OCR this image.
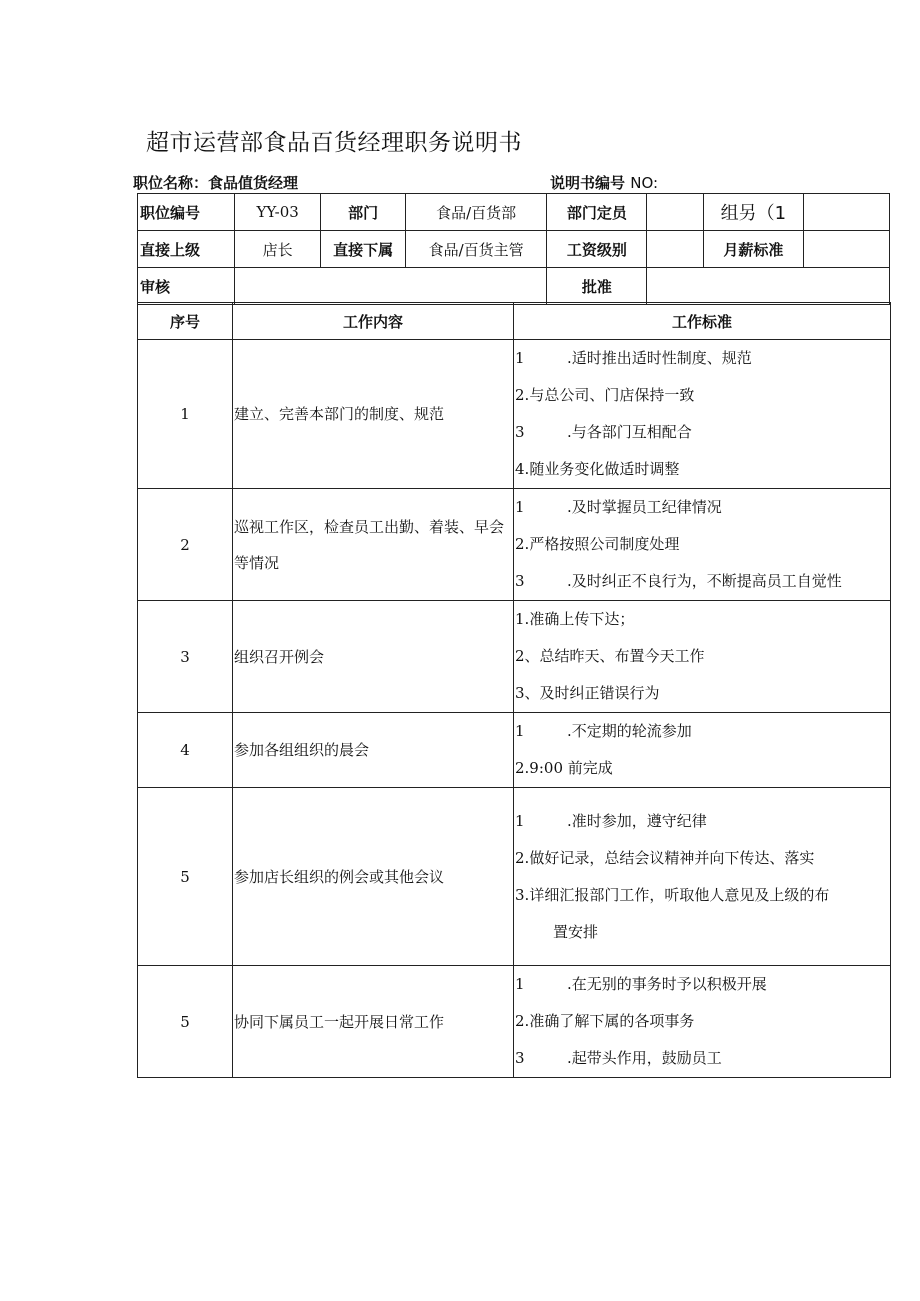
超市运营部食品百货经理职务说明书
职位名称：食品值货经理	说明书编号 NO:
职位编号	YY-03	部门	食品/百货部	部门定员		组另（1	
直接上级	店长	直接下属	食品/百货主管	工资级别		月薪标准	
审核				批准			
序号	工作内容	工作标准
1	建立、完善本部门的制度、规范	1 .适时推出适时性制度、规范
2.与总公司、门店保持一致
3 .与各部门互相配合
4.随业务变化做适时调整

2	巡视工作区，检查员工出勤、着装、早会等情况	1 .及时掌握员工纪律情况
2.严格按照公司制度处理
3 .及时纠正不良行为，不断提高员工自觉性

3	组织召开例会	1.准确上传下达；
2、总结昨天、布置今天工作
3、及时纠正错误行为

4	参加各组组织的晨会	1 .不定期的轮流参加
2.9:00 前完成

5	参加店长组织的例会或其他会议	1 .准时参加，遵守纪律
2.做好记录，总结会议精神并向下传达、落实
3.详细汇报部门工作，听取他人意见及上级的布
置安排

5	协同下属员工一起开展日常工作	1 .在无别的事务时予以积极开展
2.准确了解下属的各项事务
3 .起带头作用，鼓励员工
